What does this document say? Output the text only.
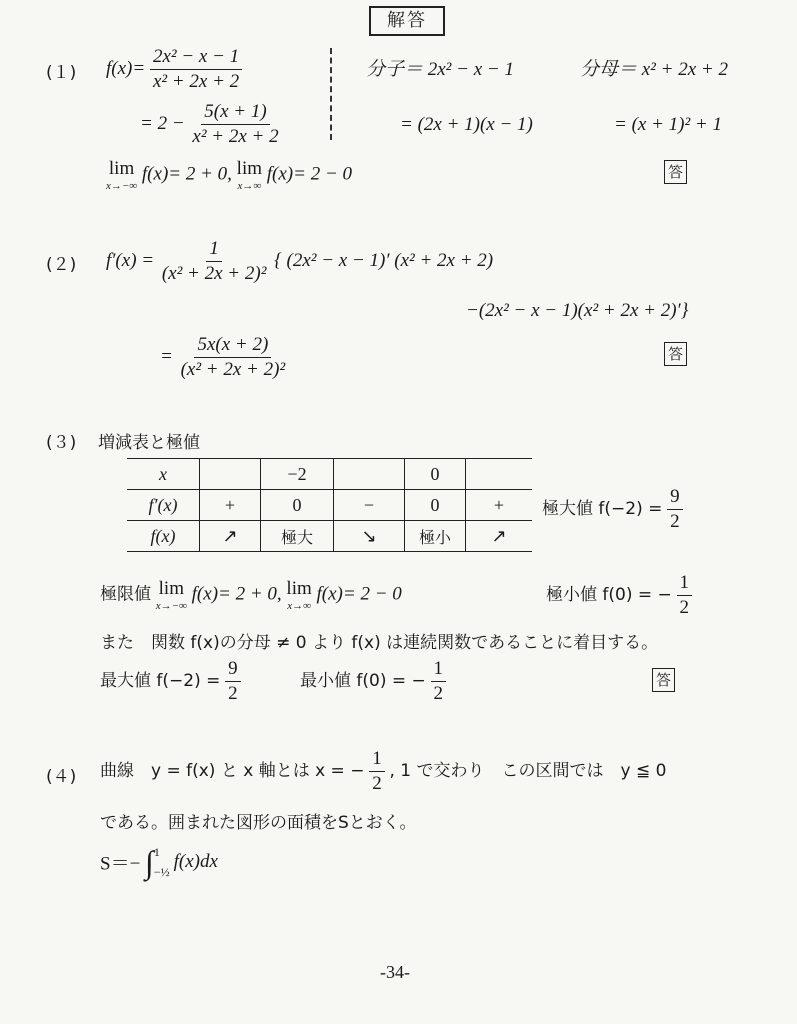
解答
(１) $f(x)= \frac{\text{2x² − x − 1}}{\text{x² + 2x + 2}}$
= $2 - \frac{5(x + 1)}{\text{x² + 2x + 2}}$
分子＝ 2x² − x − 1
= (2x + 1)(x − 1)
分母＝ x² + 2x + 2
= (x + 1)² + 1
lim
x→−∞
f(x)= 2 + 0, lim
x→∞
f(x)= 2 − 0	答
(２) $f'(x) = \frac{1}{\text{(x² + 2x + 2)²}}$ { (2x² − x − 1)′ (x² + 2x + 2)
−(2x² − x − 1)(x² + 2x + 2)′}
= $\frac{5x(x + 2)}{\text{(x² + 2x + 2)²}}$	答
(３) 増減表と極値
x		−2		0	
f′(x)	+	0	−	0	+
f(x)	↗	極大	↘	極小	↗
極大値 $f(-2) = \frac{9}{2}$
極限値 lim
x→−∞
f(x)= 2 + 0, lim
x→∞
f(x)= 2 − 0	極小値 f(0) = − $\frac{1}{2}$
また　関数 f(x)の分母 ≠ 0 より f(x) は連続関数であることに着目する。
最大値 $f(-2) = \frac{9}{2}$	最小値 f(0) = − $\frac{1}{2}$	答
(４) 曲線　y = f(x) と x 軸とは x = − $\frac{1}{2}$ , 1 で交わり　この区間では　y ≦ 0
である。囲まれた図形の面積をSとおく。
S＝− ∫ 1
−½ f(x)dx
-34-
